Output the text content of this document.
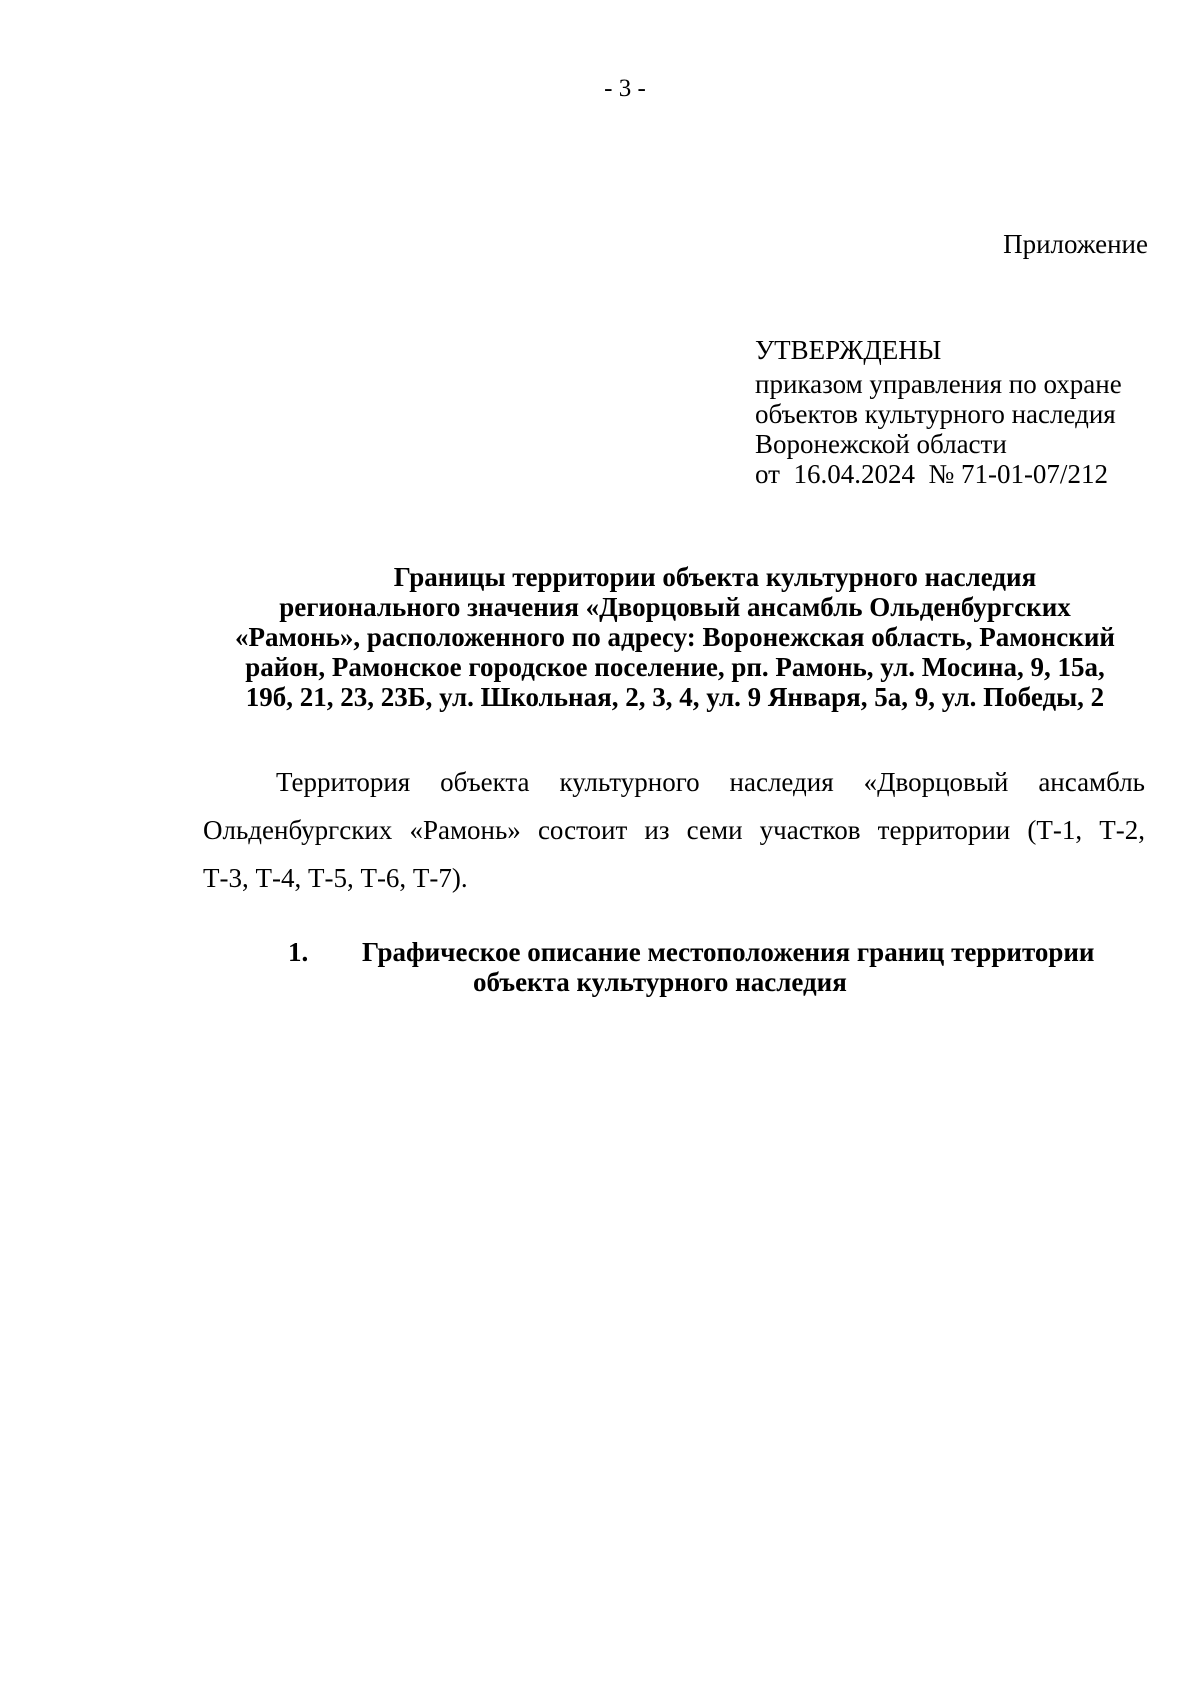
- 3 -
Приложение
УТВЕРЖДЕНЫ
приказом управления по охране
объектов культурного наследия
Воронежской области
от  16.04.2024  № 71-01-07/212
Границы территории объекта культурного наследия
регионального значения «Дворцовый ансамбль Ольденбургских
«Рамонь», расположенного по адресу: Воронежская область, Рамонский
район, Рамонское городское поселение, рп. Рамонь, ул. Мосина, 9, 15а,
19б, 21, 23, 23Б, ул. Школьная, 2, 3, 4, ул. 9 Января, 5а, 9, ул. Победы, 2
Территория объекта культурного наследия «Дворцовый ансамбль
Ольденбургских «Рамонь» состоит из семи участков территории (Т-1, Т-2,
Т-3, Т-4, Т-5, Т-6, Т-7).
1. Графическое описание местоположения границ территории
объекта культурного наследия
